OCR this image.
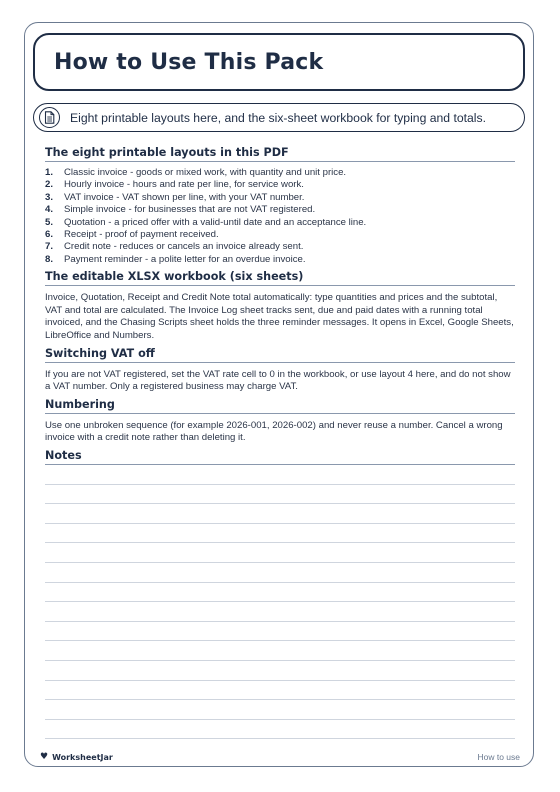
How to Use This Pack
Eight printable layouts here, and the six-sheet workbook for typing and totals.
The eight printable layouts in this PDF
1.	Classic invoice - goods or mixed work, with quantity and unit price.
2.	Hourly invoice - hours and rate per line, for service work.
3.	VAT invoice - VAT shown per line, with your VAT number.
4.	Simple invoice - for businesses that are not VAT registered.
5.	Quotation - a priced offer with a valid-until date and an acceptance line.
6.	Receipt - proof of payment received.
7.	Credit note - reduces or cancels an invoice already sent.
8.	Payment reminder - a polite letter for an overdue invoice.
The editable XLSX workbook (six sheets)

Invoice, Quotation, Receipt and Credit Note total automatically: type quantities and prices and the subtotal, VAT and total are calculated. The Invoice Log sheet tracks sent, due and paid dates with a running total invoiced, and the Chasing Scripts sheet holds the three reminder messages. It opens in Excel, Google Sheets, LibreOffice and Numbers.

Switching VAT off

If you are not VAT registered, set the VAT rate cell to 0 in the workbook, or use layout 4 here, and do not show a VAT number. Only a registered business may charge VAT.

Numbering

Use one unbroken sequence (for example 2026-001, 2026-002) and never reuse a number. Cancel a wrong invoice with a credit note rather than deleting it.

Notes
♥ WorksheetJar	How to use
